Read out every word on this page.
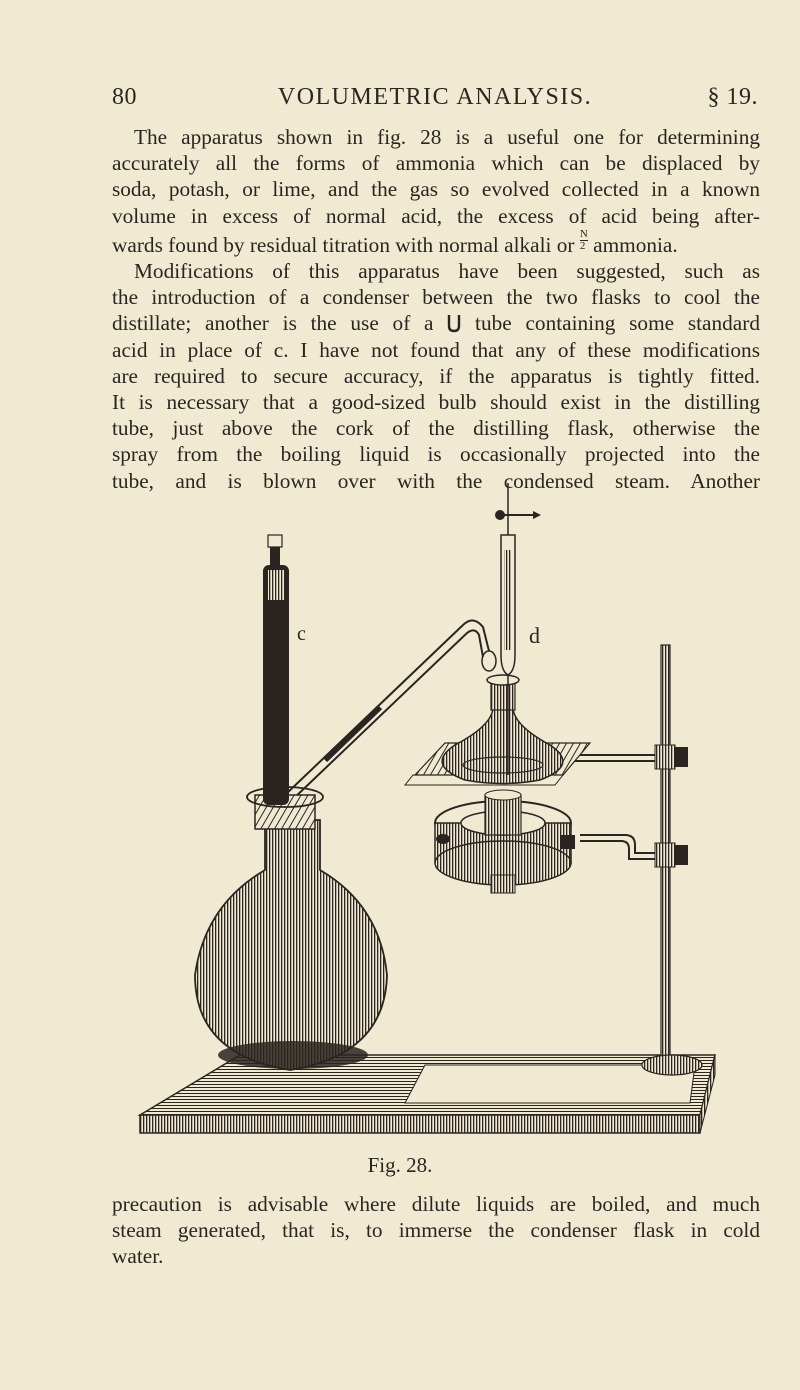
80	VOLUMETRIC ANALYSIS.	§ 19.

The apparatus shown in fig. 28 is a useful one for determining
accurately all the forms of ammonia which can be displaced by
soda, potash, or lime, and the gas so evolved collected in a known
volume in excess of normal acid, the excess of acid being after-
wards found by residual titration with normal alkali or $\frac{N}{2}$ ammonia.
Modifications of this apparatus have been suggested, such as
the introduction of a condenser between the two flasks to cool the
distillate; another is the use of a tube containing some standard
acid in place of c. I have not found that any of these modifications
are required to secure accuracy, if the apparatus is tightly fitted.
It is necessary that a good-sized bulb should exist in the distilling
tube, just above the cork of the distilling flask, otherwise the
spray from the boiling liquid is occasionally projected into the
tube, and is blown over with the condensed steam. Another

d
c
Fig. 28.

precaution is advisable where dilute liquids are boiled, and much
steam generated, that is, to immerse the condenser flask in cold
water.
